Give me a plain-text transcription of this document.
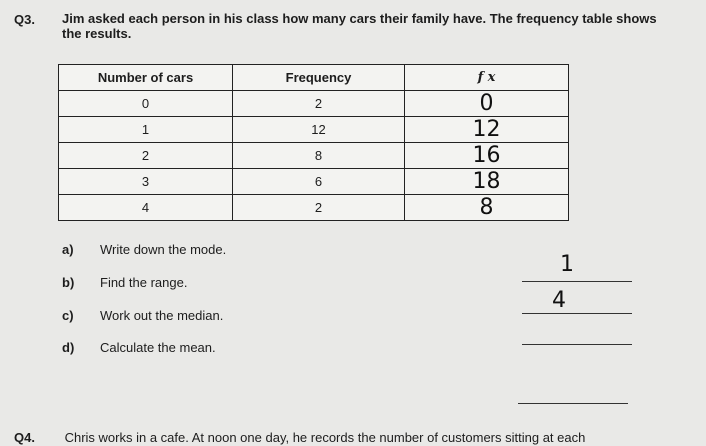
Q3. Jim asked each person in his class how many cars their family have. The frequency table shows the results.
Number of cars	Frequency	f x
0	2	0
1	12	12
2	8	16
3	6	18
4	2	8
a) Write down the mode.
b) Find the range.
c) Work out the median.
d) Calculate the mean.
1
4
Q4. Chris works in a cafe. At noon one day, he records the number of customers sitting at each
